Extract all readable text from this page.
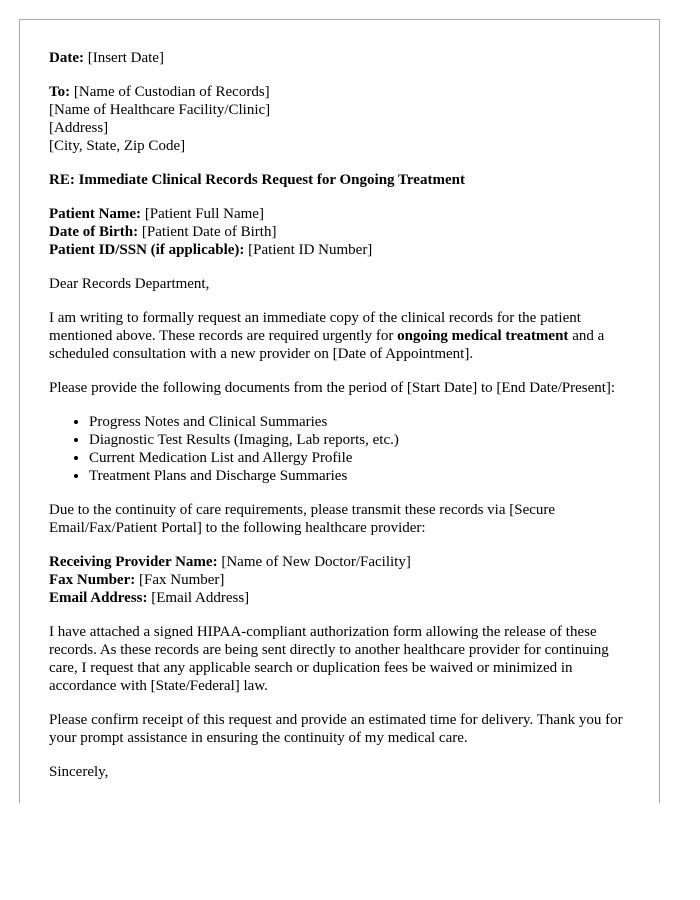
Date: [Insert Date]

To: [Name of Custodian of Records]
[Name of Healthcare Facility/Clinic]
[Address]
[City, State, Zip Code]

RE: Immediate Clinical Records Request for Ongoing Treatment

Patient Name: [Patient Full Name]
Date of Birth: [Patient Date of Birth]
Patient ID/SSN (if applicable): [Patient ID Number]

Dear Records Department,

I am writing to formally request an immediate copy of the clinical records for the patient mentioned above. These records are required urgently for ongoing medical treatment and a scheduled consultation with a new provider on [Date of Appointment].

Please provide the following documents from the period of [Start Date] to [End Date/Present]:

• Progress Notes and Clinical Summaries
• Diagnostic Test Results (Imaging, Lab reports, etc.)
• Current Medication List and Allergy Profile
• Treatment Plans and Discharge Summaries

Due to the continuity of care requirements, please transmit these records via [Secure Email/Fax/Patient Portal] to the following healthcare provider:

Receiving Provider Name: [Name of New Doctor/Facility]
Fax Number: [Fax Number]
Email Address: [Email Address]

I have attached a signed HIPAA-compliant authorization form allowing the release of these records. As these records are being sent directly to another healthcare provider for continuing care, I request that any applicable search or duplication fees be waived or minimized in accordance with [State/Federal] law.

Please confirm receipt of this request and provide an estimated time for delivery. Thank you for your prompt assistance in ensuring the continuity of my medical care.

Sincerely,
